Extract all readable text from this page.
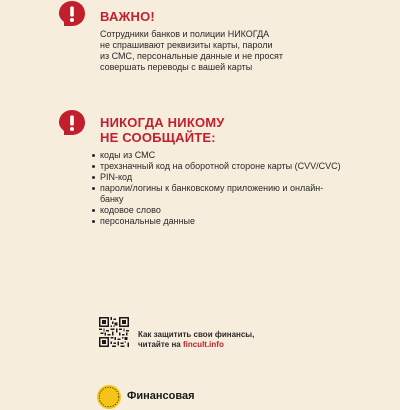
ВАЖНО!
Сотрудники банков и полиции НИКОГДА
не спрашивают реквизиты карты, пароли
из СМС, персональные данные и не просят
совершать переводы с вашей карты
НИКОГДА НИКОМУ
НЕ СООБЩАЙТЕ:
коды из СМС
трехзначный код на оборотной стороне карты (CVV/CVC)
PIN-код
пароли/логины к банковскому приложению и онлайн-банку
кодовое слово
персональные данные
Как защитить свои финансы,
читайте на fincult.info
Финансовая
